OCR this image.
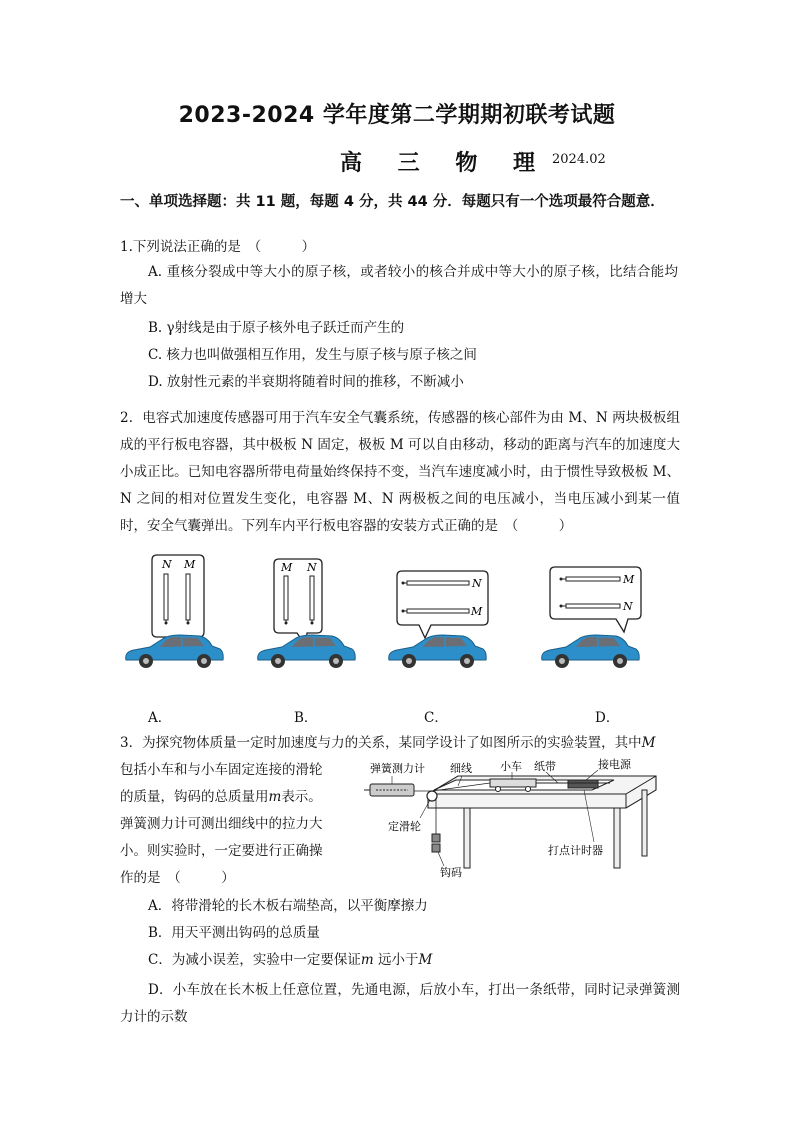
2023-2024 学年度第二学期期初联考试题
高 三 物 理 2024.02
一、单项选择题：共 11 题，每题 4 分，共 44 分．每题只有一个选项最符合题意．
1.下列说法正确的是　（　　　）
A. 重核分裂成中等大小的原子核，或者较小的核合并成中等大小的原子核，比结合能均增大
B. γ射线是由于原子核外电子跃迁而产生的
C. 核力也叫做强相互作用，发生与原子核与原子核之间
D. 放射性元素的半衰期将随着时间的推移，不断减小
2．电容式加速度传感器可用于汽车安全气囊系统，传感器的核心部件为由 M、N 两块极板组成的平行板电容器，其中极板 N 固定，极板 M 可以自由移动，移动的距离与汽车的加速度大小成正比。已知电容器所带电荷量始终保持不变，当汽车速度减小时，由于惯性导致极板 M、N 之间的相对位置发生变化，电容器 M、N 两极板之间的电压减小，当电压减小到某一值时，安全气囊弹出。下列车内平行板电容器的安装方式正确的是　（　　　）
N M	M N
N
M
M
N
A．	B．	C．	D．
3．为探究物体质量一定时加速度与力的关系，某同学设计了如图所示的实验装置，其中M
包括小车和与小车固定连接的滑轮
的质量，钩码的总质量用m表示。
弹簧测力计可测出细线中的拉力大
小。则实验时，一定要进行正确操
作的是　（　　　）
弹簧测力计 细线	小车 纸带	接电源
定滑轮
打点计时器
钩码
A．将带滑轮的长木板右端垫高，以平衡摩擦力
B．用天平测出钩码的总质量
C．为减小误差，实验中一定要保证m 远小于M
D．小车放在长木板上任意位置，先通电源，后放小车，打出一条纸带，同时记录弹簧测力计的示数
